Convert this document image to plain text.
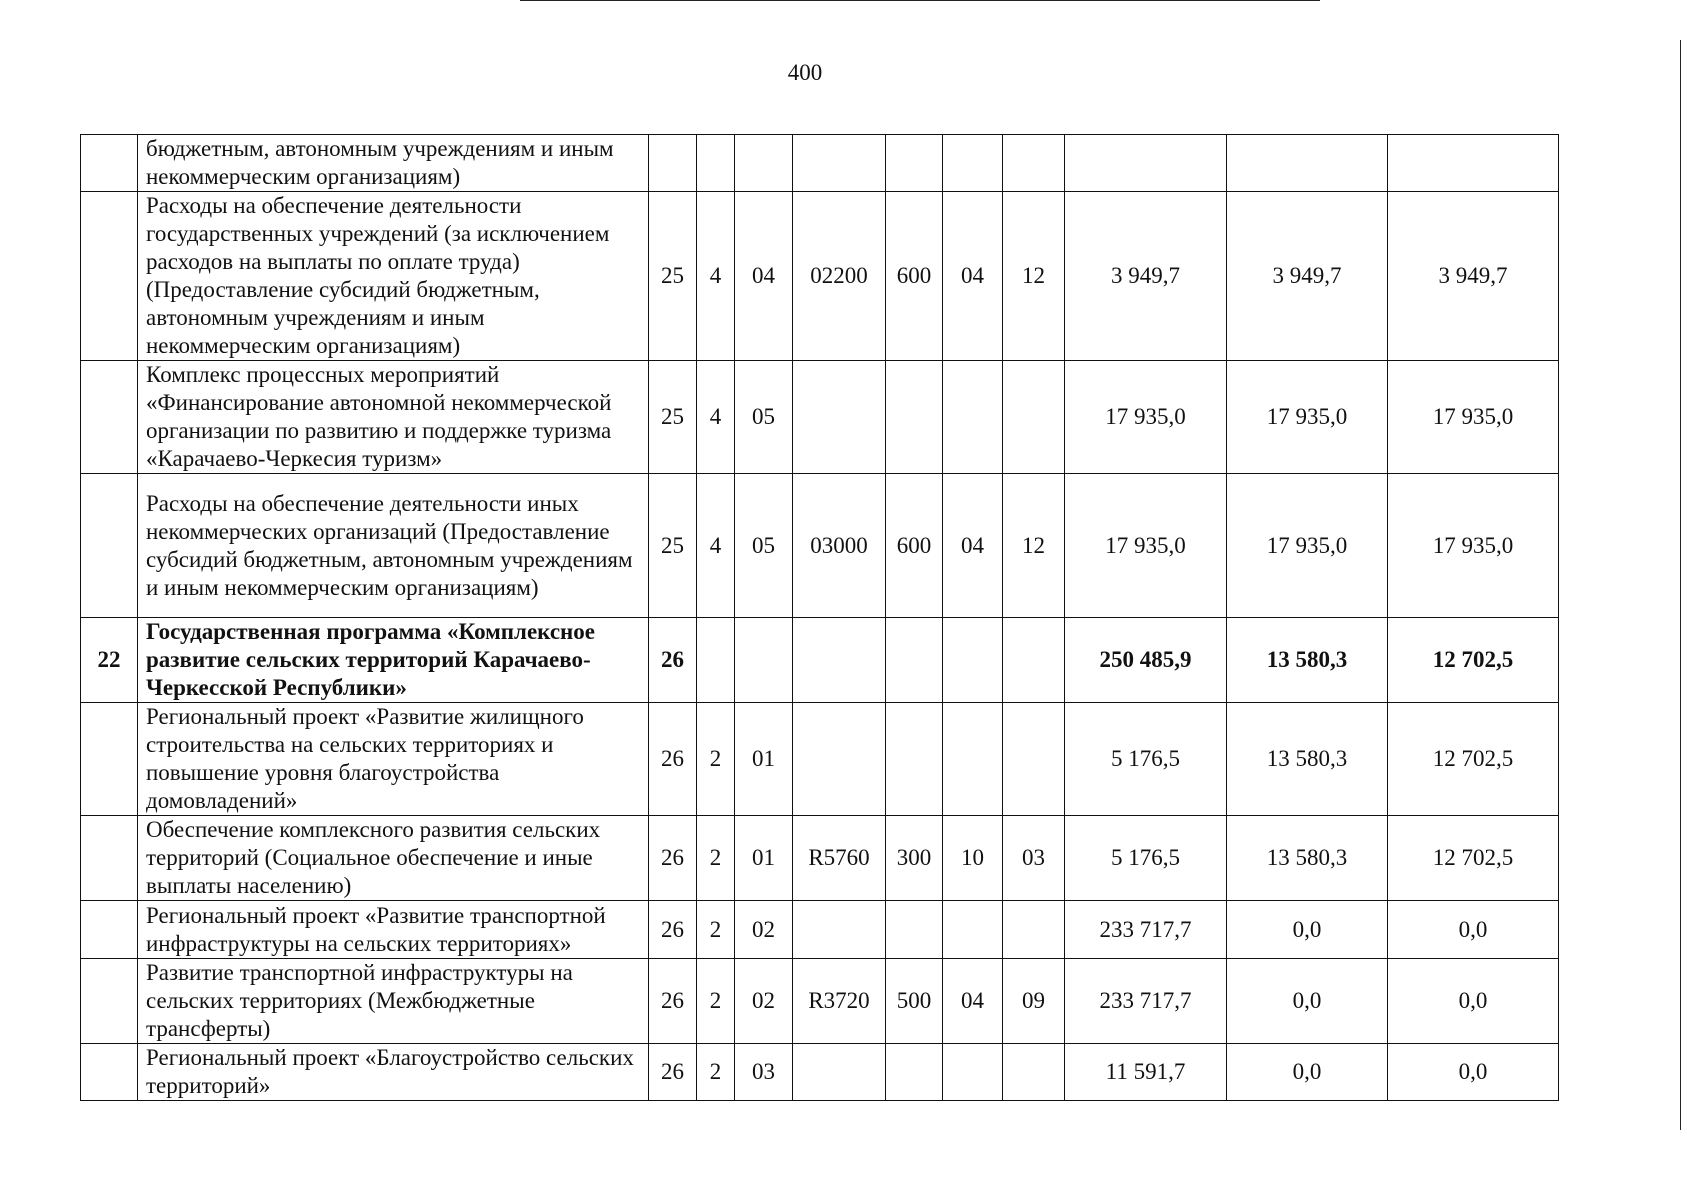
400
	бюджетным, автономным учреждениям и иным некоммерческим организациям)										
	Расходы на обеспечение деятельности государственных учреждений (за исключением расходов на выплаты по оплате труда) (Предоставление субсидий бюджетным, автономным учреждениям и иным некоммерческим организациям)	25	4	04	02200	600	04	12	3 949,7	3 949,7	3 949,7
	Комплекс процессных мероприятий «Финансирование автономной некоммерческой организации по развитию и поддержке туризма «Карачаево-Черкесия туризм»	25	4	05					17 935,0	17 935,0	17 935,0
	Расходы на обеспечение деятельности иных некоммерческих организаций (Предоставление субсидий бюджетным, автономным учреждениям и иным некоммерческим организациям)	25	4	05	03000	600	04	12	17 935,0	17 935,0	17 935,0
22	Государственная программа «Комплексное развитие сельских территорий Карачаево-Черкесской Республики»	26							250 485,9	13 580,3	12 702,5
	Региональный проект «Развитие жилищного строительства на сельских территориях и повышение уровня благоустройства домовладений»	26	2	01					5 176,5	13 580,3	12 702,5
	Обеспечение комплексного развития сельских территорий (Социальное обеспечение и иные выплаты населению)	26	2	01	R5760	300	10	03	5 176,5	13 580,3	12 702,5
	Региональный проект «Развитие транспортной инфраструктуры на сельских территориях»	26	2	02					233 717,7	0,0	0,0
	Развитие транспортной инфраструктуры на сельских территориях (Межбюджетные трансферты)	26	2	02	R3720	500	04	09	233 717,7	0,0	0,0
	Региональный проект «Благоустройство сельских территорий»	26	2	03					11 591,7	0,0	0,0
